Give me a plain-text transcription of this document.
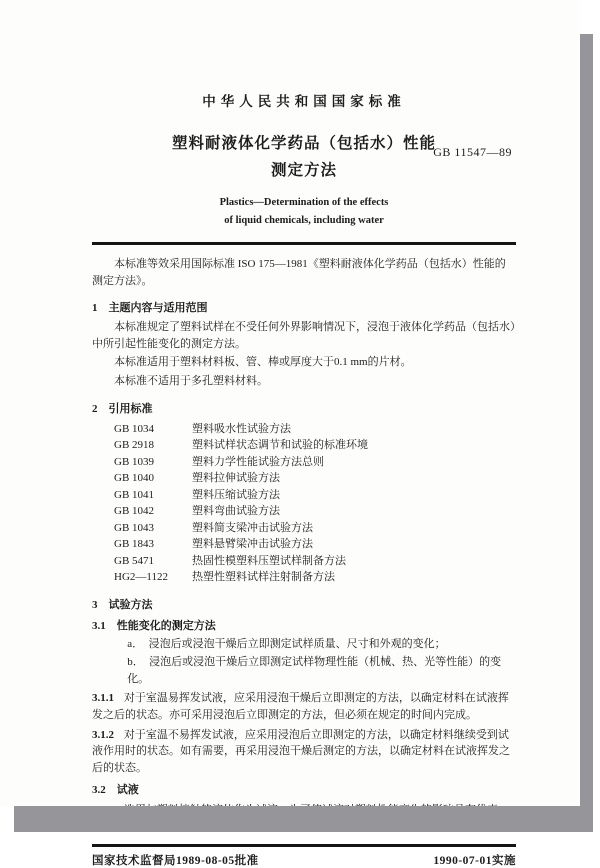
中华人民共和国国家标准
塑料耐液体化学药品（包括水）性能
测定方法
GB 11547—89
Plastics—Determination of the effects
of liquid chemicals, including water

本标准等效采用国际标准 ISO 175—1981《塑料耐液体化学药品（包括水）性能的测定方法》。

1　主题内容与适用范围

本标准规定了塑料试样在不受任何外界影响情况下，浸泡于液体化学药品（包括水）中所引起性能变化的测定方法。

本标准适用于塑料材料板、管、棒或厚度大于0.1 mm的片材。

本标准不适用于多孔塑料材料。

2　引用标准
GB 1034	塑料吸水性试验方法
GB 2918	塑料试样状态调节和试验的标准环境
GB 1039	塑料力学性能试验方法总则
GB 1040	塑料拉伸试验方法
GB 1041	塑料压缩试验方法
GB 1042	塑料弯曲试验方法
GB 1043	塑料简支梁冲击试验方法
GB 1843	塑料悬臂梁冲击试验方法
GB 5471	热固性模塑料压塑试样制备方法
HG2—1122 热塑性塑料试样注射制备方法
3　试验方法
3.1　性能变化的测定方法

a．　浸泡后或浸泡干燥后立即测定试样质量、尺寸和外观的变化；

b．　浸泡后或浸泡干燥后立即测定试样物理性能（机械、热、光等性能）的变化。

3.1.1 对于室温易挥发试液，应采用浸泡干燥后立即测定的方法，以确定材料在试液挥发之后的状态。亦可采用浸泡后立即测定的方法，但必须在规定的时间内完成。

3.1.2 对于室温不易挥发试液，应采用浸泡后立即测定的方法，以确定材料继续受到试液作用时的状态。如有需要，再采用浸泡干燥后测定的方法，以确定材料在试液挥发之后的状态。

3.2　试液

国家技术监督局1989-08-05批准	1990-07-01实施
